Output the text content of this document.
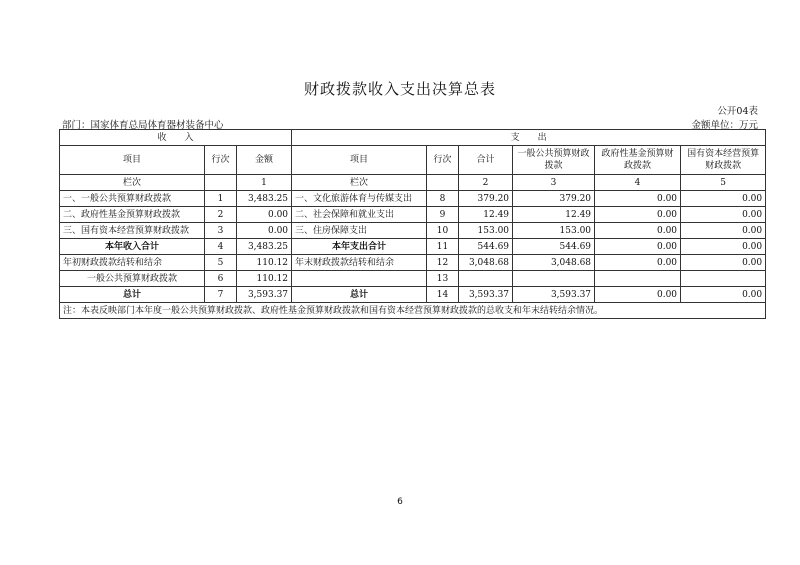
财政拨款收入支出决算总表
公开04表
部门：国家体育总局体育器材装备中心	金额单位：万元
收　　入			支　　出					
项目	行次	金额	项目	行次	合计	一般公共预算财政拨款	政府性基金预算财政拨款	国有资本经营预算财政拨款
栏次		1	栏次		2	3	4	5
一、一般公共预算财政拨款	1	3,483.25	一、文化旅游体育与传媒支出	8	379.20	379.20	0.00	0.00
二、政府性基金预算财政拨款	2	0.00	二、社会保障和就业支出	9	12.49	12.49	0.00	0.00
三、国有资本经营预算财政拨款	3	0.00	三、住房保障支出	10	153.00	153.00	0.00	0.00
本年收入合计	4	3,483.25	本年支出合计	11	544.69	544.69	0.00	0.00
年初财政拨款结转和结余	5	110.12	年末财政拨款结转和结余	12	3,048.68	3,048.68	0.00	0.00
一般公共预算财政拨款	6	110.12		13				
总计	7	3,593.37	总计	14	3,593.37	3,593.37	0.00	0.00
注：本表反映部门本年度一般公共预算财政拨款、政府性基金预算财政拨款和国有资本经营预算财政拨款的总收支和年末结转结余情况。								
6
